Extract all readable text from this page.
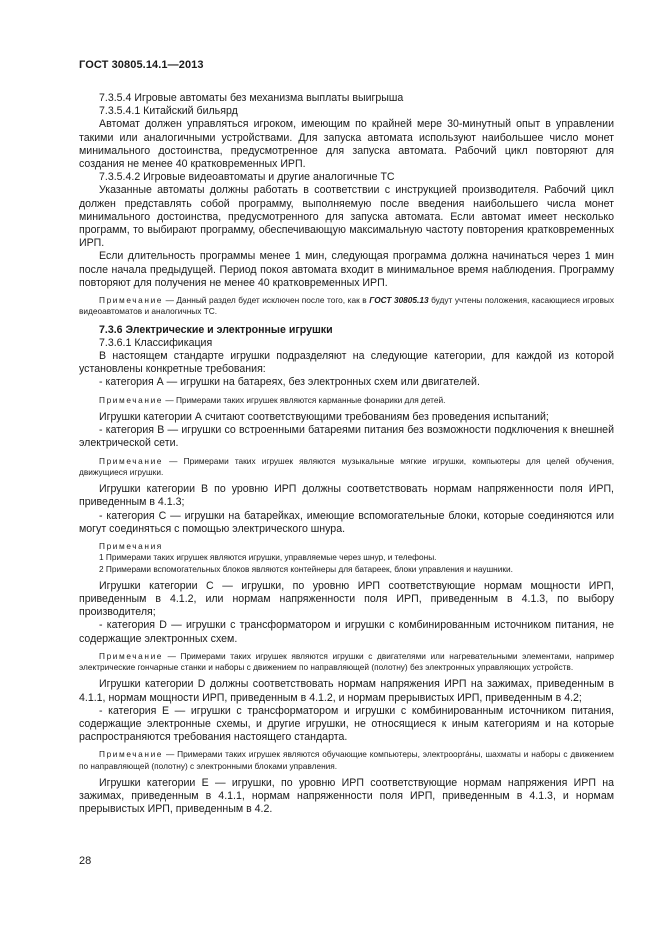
ГОСТ 30805.14.1—2013

7.3.5.4 Игровые автоматы без механизма выплаты выигрыша

7.3.5.4.1 Китайский бильярд

Автомат должен управляться игроком, имеющим по крайней мере 30-минутный опыт в управлении такими или аналогичными устройствами. Для запуска автомата используют наибольшее число монет минимального достоинства, предусмотренное для запуска автомата. Рабочий цикл повторяют для создания не менее 40 кратковременных ИРП.

7.3.5.4.2 Игровые видеоавтоматы и другие аналогичные ТС

Указанные автоматы должны работать в соответствии с инструкцией производителя. Рабочий цикл должен представлять собой программу, выполняемую после введения наибольшего числа монет минимального достоинства, предусмотренного для запуска автомата. Если автомат имеет несколько программ, то выбирают программу, обеспечивающую максимальную частоту повторения кратковременных ИРП.

Если длительность программы менее 1 мин, следующая программа должна начинаться через 1 мин после начала предыдущей. Период покоя автомата входит в минимальное время наблюдения. Программу повторяют для получения не менее 40 кратковременных ИРП.

Примечание — Данный раздел будет исключен после того, как в ГОСТ 30805.13 будут учтены положения, касающиеся игровых видеоавтоматов и аналогичных ТС.

7.3.6 Электрические и электронные игрушки

7.3.6.1 Классификация

В настоящем стандарте игрушки подразделяют на следующие категории, для каждой из которой установлены конкретные требования:

- категория А — игрушки на батареях, без электронных схем или двигателей.

Примечание — Примерами таких игрушек являются карманные фонарики для детей.

Игрушки категории А считают соответствующими требованиям без проведения испытаний;

- категория В — игрушки со встроенными батареями питания без возможности подключения к внешней электрической сети.

Примечание — Примерами таких игрушек являются музыкальные мягкие игрушки, компьютеры для целей обучения, движущиеся игрушки.

Игрушки категории В по уровню ИРП должны соответствовать нормам напряженности поля ИРП, приведенным в 4.1.3;

- категория С — игрушки на батарейках, имеющие вспомогательные блоки, которые соединяются или могут соединяться с помощью электрического шнура.

Примечания

1 Примерами таких игрушек являются игрушки, управляемые через шнур, и телефоны.

2 Примерами вспомогательных блоков являются контейнеры для батареек, блоки управления и наушники.

Игрушки категории С — игрушки, по уровню ИРП соответствующие нормам мощности ИРП, приведенным в 4.1.2, или нормам напряженности поля ИРП, приведенным в 4.1.3, по выбору производителя;

- категория D — игрушки с трансформатором и игрушки с комбинированным источником питания, не содержащие электронных схем.

Примечание — Примерами таких игрушек являются игрушки с двигателями или нагревательными элементами, например электрические гончарные станки и наборы с движением по направляющей (полотну) без электронных управляющих устройств.

Игрушки категории D должны соответствовать нормам напряжения ИРП на зажимах, приведенным в 4.1.1, нормам мощности ИРП, приведенным в 4.1.2, и нормам прерывистых ИРП, приведенным в 4.2;

- категория Е — игрушки с трансформатором и игрушки с комбинированным источником питания, содержащие электронные схемы, и другие игрушки, не относящиеся к иным категориям и на которые распространяются требования настоящего стандарта.

Примечание — Примерами таких игрушек являются обучающие компьютеры, электроорга́ны, шахматы и наборы с движением по направляющей (полотну) с электронными блоками управления.

Игрушки категории Е — игрушки, по уровню ИРП соответствующие нормам напряжения ИРП на зажимах, приведенным в 4.1.1, нормам напряженности поля ИРП, приведенным в 4.1.3, и нормам прерывистых ИРП, приведенным в 4.2.

28
